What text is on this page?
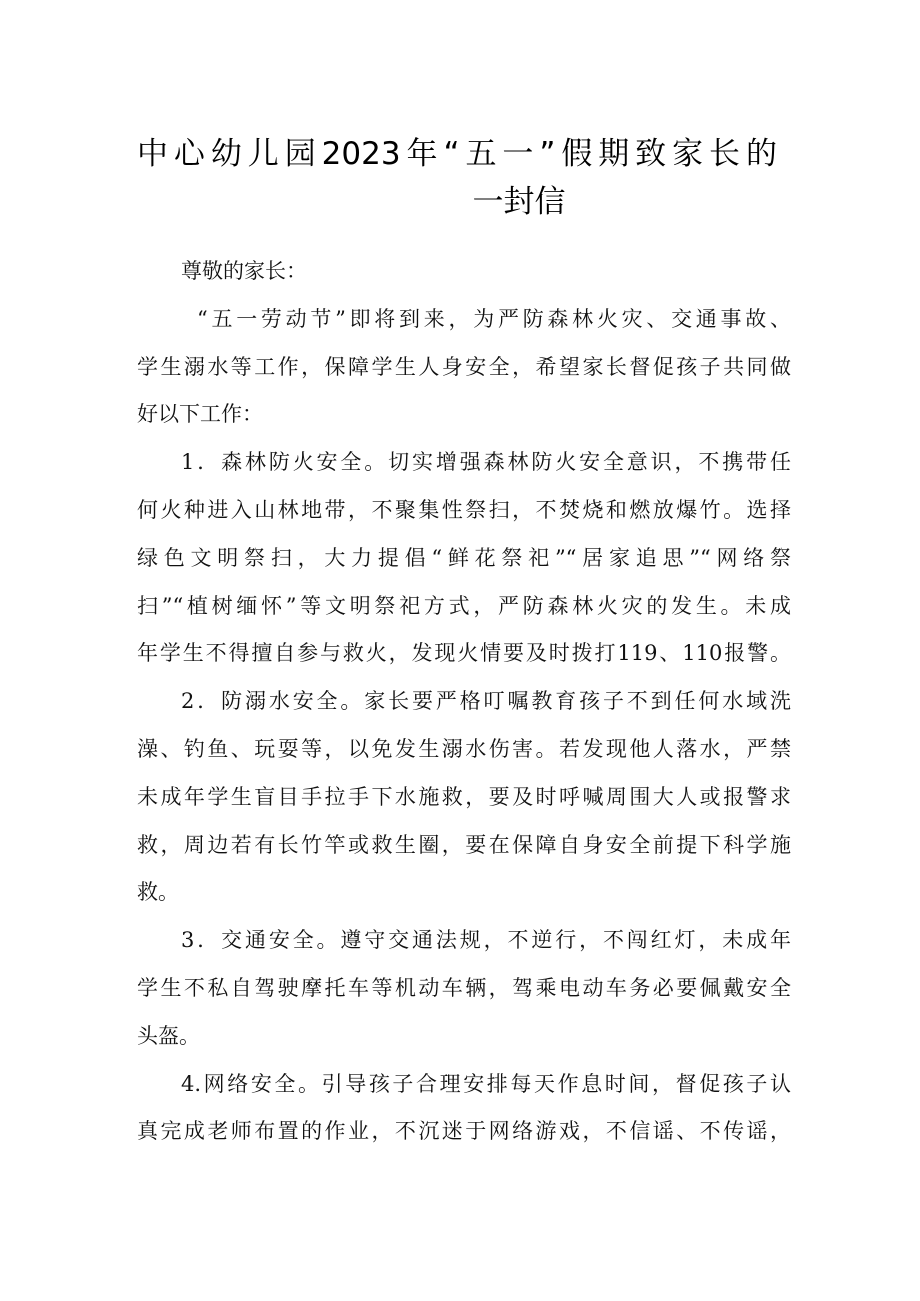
中心幼儿园2023年“五一”假期致家长的
一封信
尊敬的家长：
“五一劳动节”即将到来，为严防森林火灾、交通事故、
学生溺水等工作，保障学生人身安全，希望家长督促孩子共同做
好以下工作：
1．森林防火安全。切实增强森林防火安全意识，不携带任
何火种进入山林地带，不聚集性祭扫，不焚烧和燃放爆竹。选择
绿色文明祭扫，大力提倡“鲜花祭祀”“居家追思”“网络祭
扫”“植树缅怀”等文明祭祀方式，严防森林火灾的发生。未成
年学生不得擅自参与救火，发现火情要及时拨打119、110报警。
2．防溺水安全。家长要严格叮嘱教育孩子不到任何水域洗
澡、钓鱼、玩耍等，以免发生溺水伤害。若发现他人落水，严禁
未成年学生盲目手拉手下水施救，要及时呼喊周围大人或报警求
救，周边若有长竹竿或救生圈，要在保障自身安全前提下科学施
救。
3．交通安全。遵守交通法规，不逆行，不闯红灯，未成年
学生不私自驾驶摩托车等机动车辆，驾乘电动车务必要佩戴安全
头盔。
4.网络安全。引导孩子合理安排每天作息时间，督促孩子认
真完成老师布置的作业，不沉迷于网络游戏，不信谣、不传谣，
